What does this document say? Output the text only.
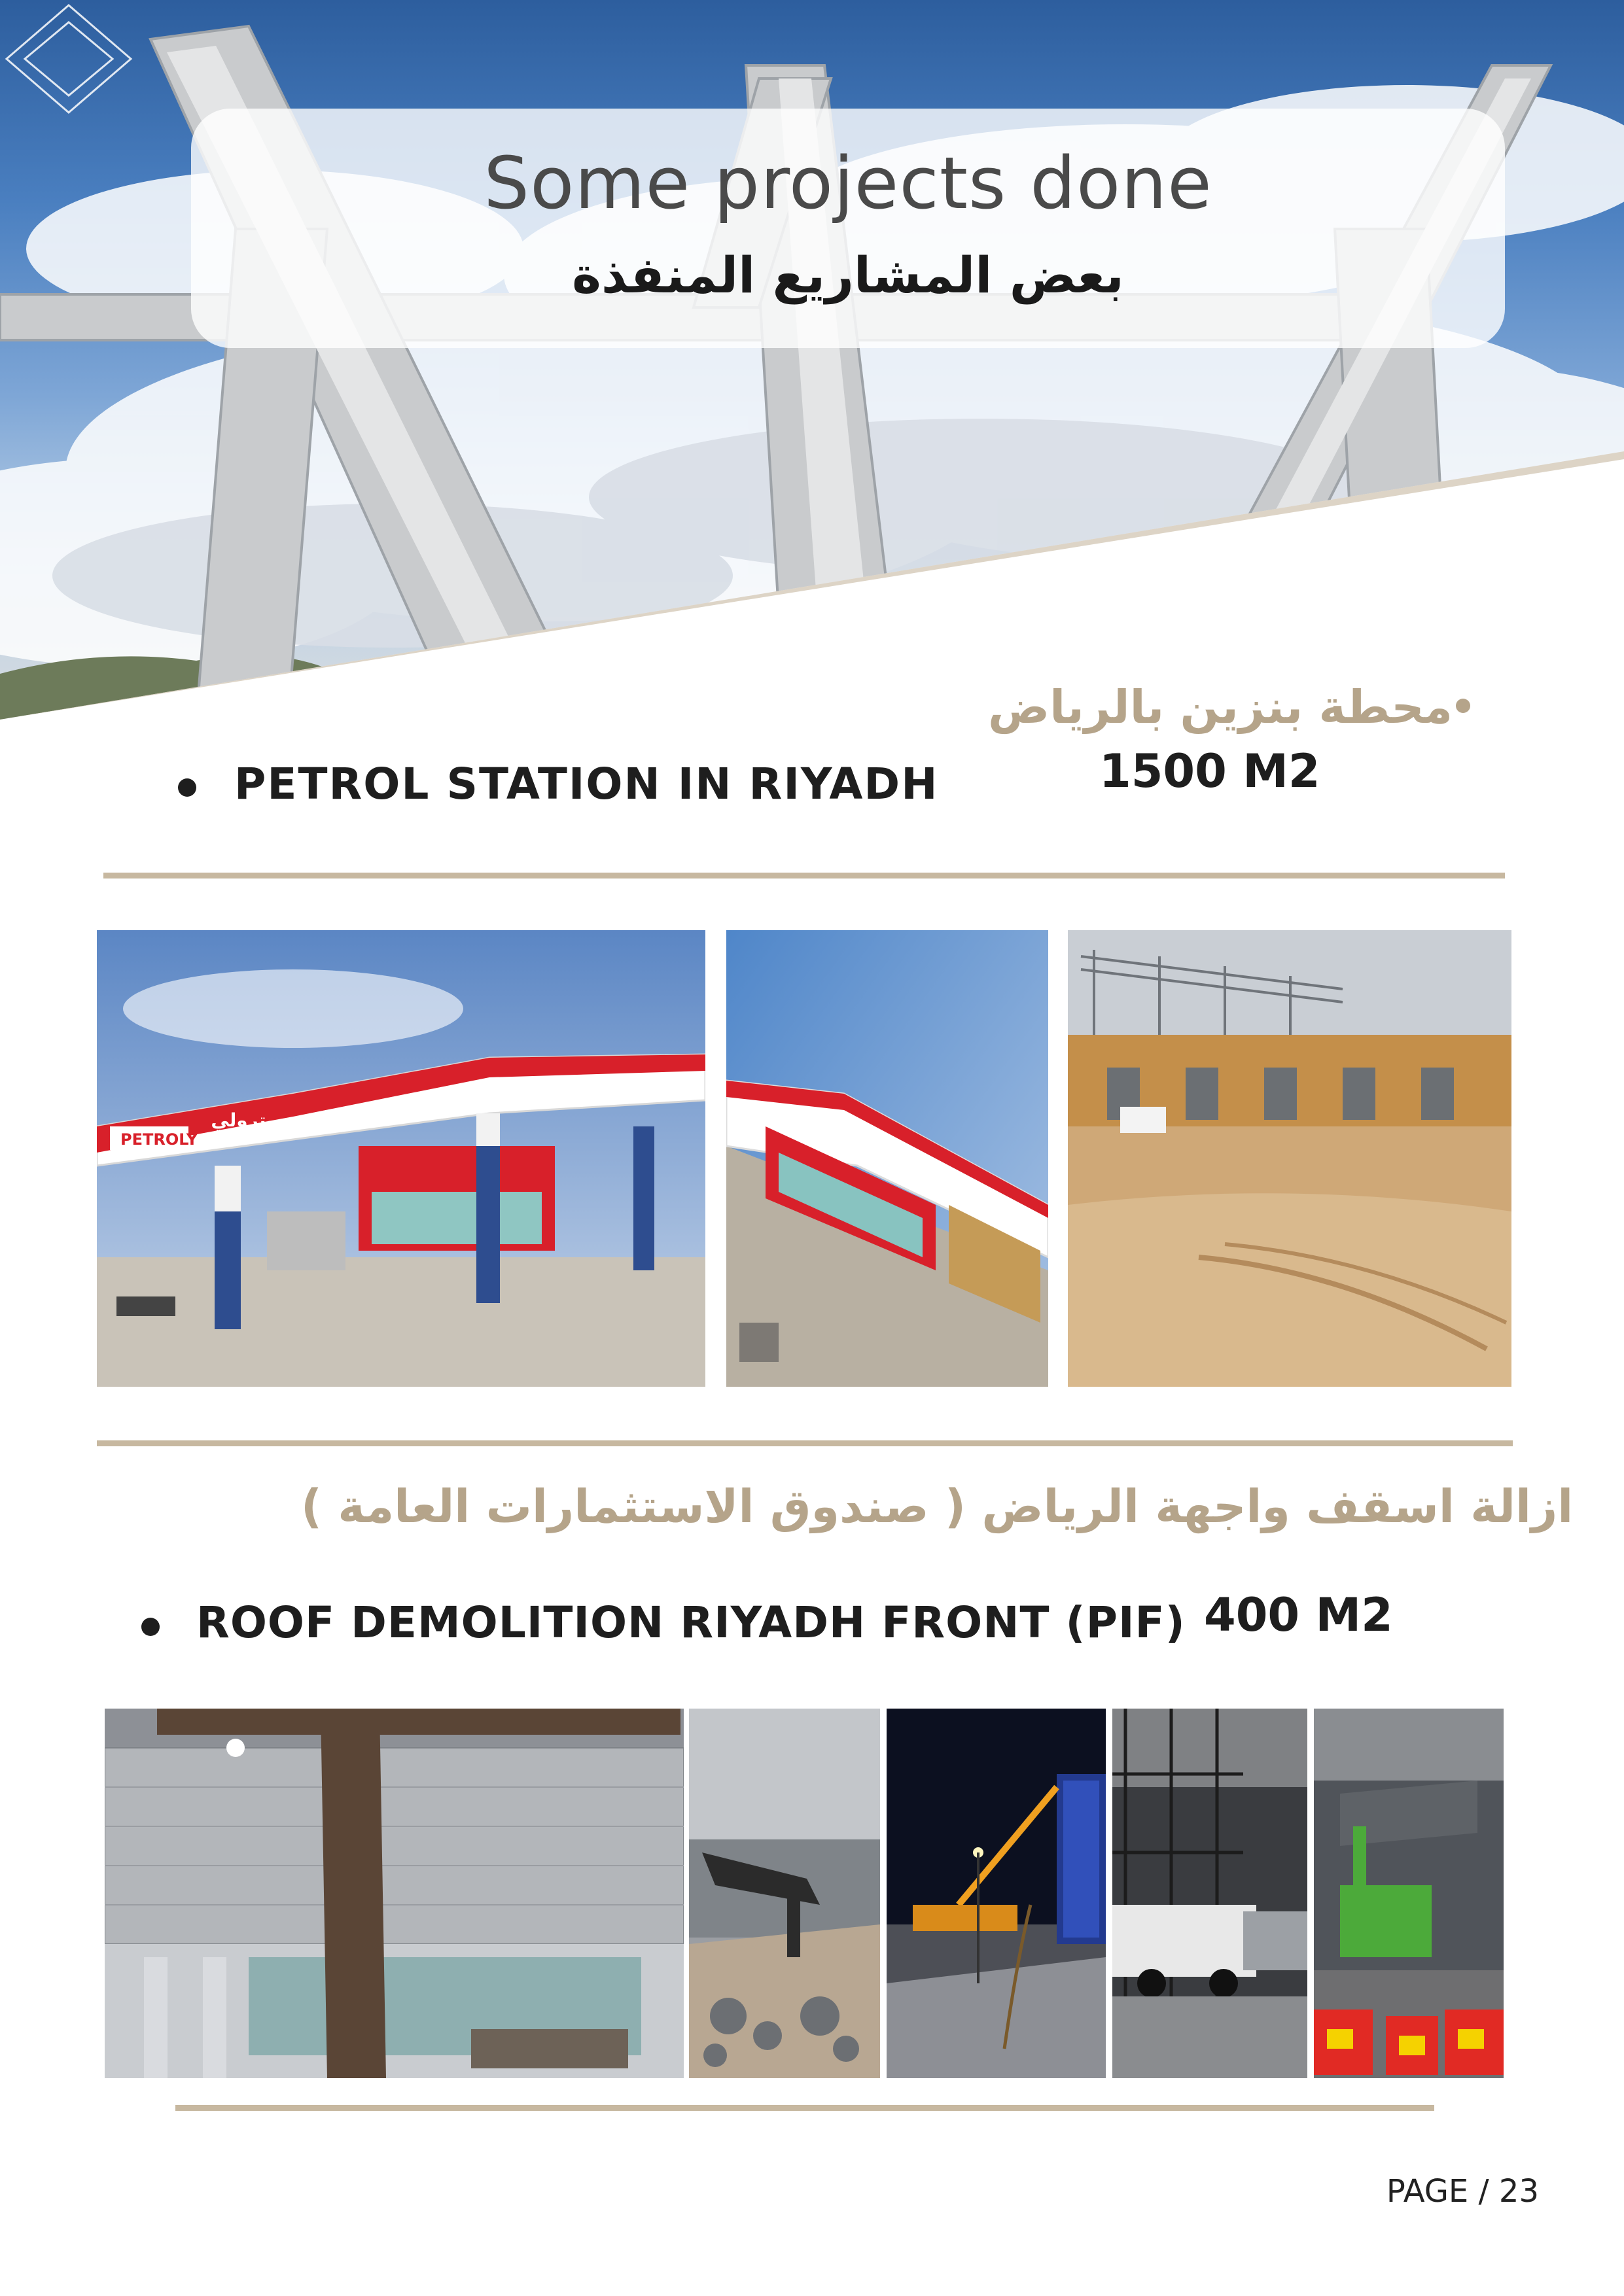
Some projects done
بعض المشاريع المنفذة
محطة بنزين بالرياض
PETROL STATION IN RIYADH	1500 M2
PETROLY
بترولي
ازالة اسقف واجهة الرياض ( صندوق الاستثمارات العامة )
ROOF DEMOLITION RIYADH FRONT (PIF) 400 M2
PAGE / 23
